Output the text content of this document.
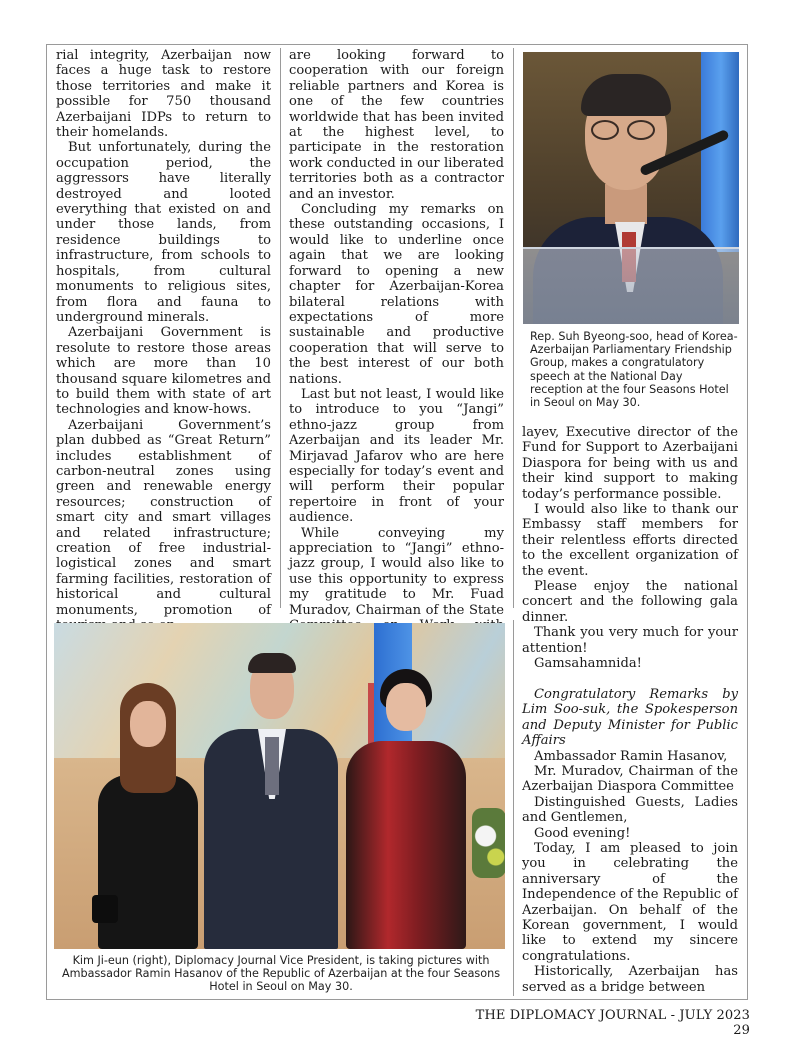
rial integrity, Azerbaijan now faces a huge task to restore those territories and make it possible for 750 thousand Azerbaijani IDPs to return to their homelands.

But unfortunately, during the occupation period, the aggressors have literally destroyed and looted everything that existed on and under those lands, from residence buildings to infrastructure, from schools to hospitals, from cultural monuments to religious sites, from flora and fauna to underground minerals.

Azerbaijani Government is resolute to restore those areas which are more than 10 thousand square kilometres and to build them with state of art technologies and know-hows.

Azerbaijani Government’s plan dubbed as “Great Return” includes establishment of carbon-neutral zones using green and renewable energy resources; construction of smart city and smart villages and related infrastructure; creation of free industrial-logistical zones and smart farming facilities, restoration of historical and cultural monuments, promotion of

are looking forward to cooperation with our foreign reliable partners and Korea is one of the few countries worldwide that has been invited at the highest level, to participate in the restoration work conducted in our liberated territories both as a contractor and an investor.

Concluding my remarks on these outstanding occasions, I would like to underline once again that we are looking forward to opening a new chapter for Azerbaijan-Korea bilateral relations with expectations of more sustainable and productive cooperation that will serve to the best interest of our both nations.

Last but not least, I would like to introduce to you “Jangi” ethno-jazz group from Azerbaijan and its leader Mr. Mirjavad Jafarov who are here especially for today’s event and will perform their popular repertoire in front of your audience.

While conveying my appreciation to “Jangi” ethno-jazz group, I would also like to use this opportunity to express my gratitude to Mr. Fuad Muradov, Chairman of the State

Rep. Suh Byeong-soo, head of Korea-Azerbaijan Parliamentary Friendship Group, makes a congratulatory speech at the National Day reception at the four Seasons Hotel in Seoul on May 30.

layev, Executive director of the Fund for Support to Azerbaijani Diaspora for being with us and their kind support to making today’s performance possible.

I would also like to thank our Embassy staff members for their relentless efforts directed to the excellent organization of the event.

Please enjoy the national concert and the following gala dinner.

Thank you very much for your attention!

Gamsahamnida!

Congratulatory Remarks by Lim Soo-suk, the Spokesperson and Deputy Minister for Public Affairs

Ambassador Ramin Hasanov,

Mr. Muradov, Chairman of the Azerbaijan Diaspora Committee

Distinguished Guests, Ladies and Gentlemen,

Good evening!

Today, I am pleased to join you in celebrating the anniversary of the Independence of the Republic of Azerbaijan. On behalf of the Korean government, I would like to extend my sincere congratulations.

Historically, Azerbaijan has served as a bridge between

Kim Ji-eun (right), Diplomacy Journal Vice President, is taking pictures with Ambassador Ramin Hasanov of the Republic of Azerbaijan at the four Seasons Hotel in Seoul on May 30.
THE DIPLOMACY JOURNAL - JULY 2023    29
